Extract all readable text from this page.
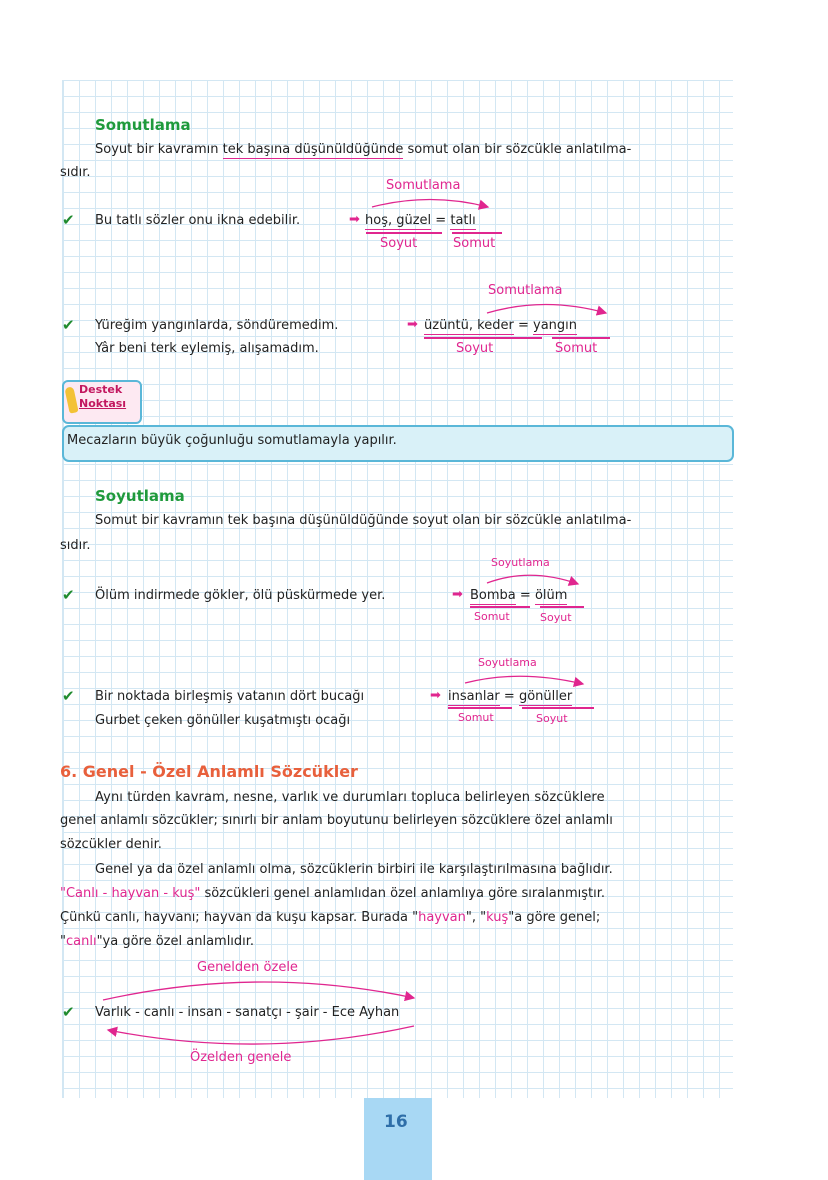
Somutlama
Soyut bir kavramın tek başına düşünüldüğünde somut olan bir sözcükle anlatılma-
sıdır.
Somutlama
✔ Bu tatlı sözler onu ikna edebilir.	➡ hoş, güzel = tatlı
Soyut	Somut
Somutlama
✔ Yüreğim yangınlarda, söndüremedim.
Yâr beni terk eylemiş, alışamadım.
➡ üzüntü, keder = yangın
Soyut	Somut
Destek
Noktası
Mecazların büyük çoğunluğu somutlamayla yapılır.
Soyutlama
Somut bir kavramın tek başına düşünüldüğünde soyut olan bir sözcükle anlatılma-
sıdır.
Soyutlama
✔ Ölüm indirmede gökler, ölü püskürmede yer.	➡ Bomba = ölüm
Somut	Soyut
Soyutlama
✔ Bir noktada birleşmiş vatanın dört bucağı
Gurbet çeken gönüller kuşatmıştı ocağı
➡ insanlar = gönüller
Somut	Soyut
6. Genel - Özel Anlamlı Sözcükler
Aynı türden kavram, nesne, varlık ve durumları topluca belirleyen sözcüklere
genel anlamlı sözcükler; sınırlı bir anlam boyutunu belirleyen sözcüklere özel anlamlı
sözcükler denir.
Genel ya da özel anlamlı olma, sözcüklerin birbiri ile karşılaştırılmasına bağlıdır.
"Canlı - hayvan - kuş" sözcükleri genel anlamlıdan özel anlamlıya göre sıralanmıştır.
Çünkü canlı, hayvanı; hayvan da kuşu kapsar. Burada "hayvan", "kuş"a göre genel;
"canlı"ya göre özel anlamlıdır.
Genelden özele
✔ Varlık - canlı - insan - sanatçı - şair - Ece Ayhan
Özelden genele
16
